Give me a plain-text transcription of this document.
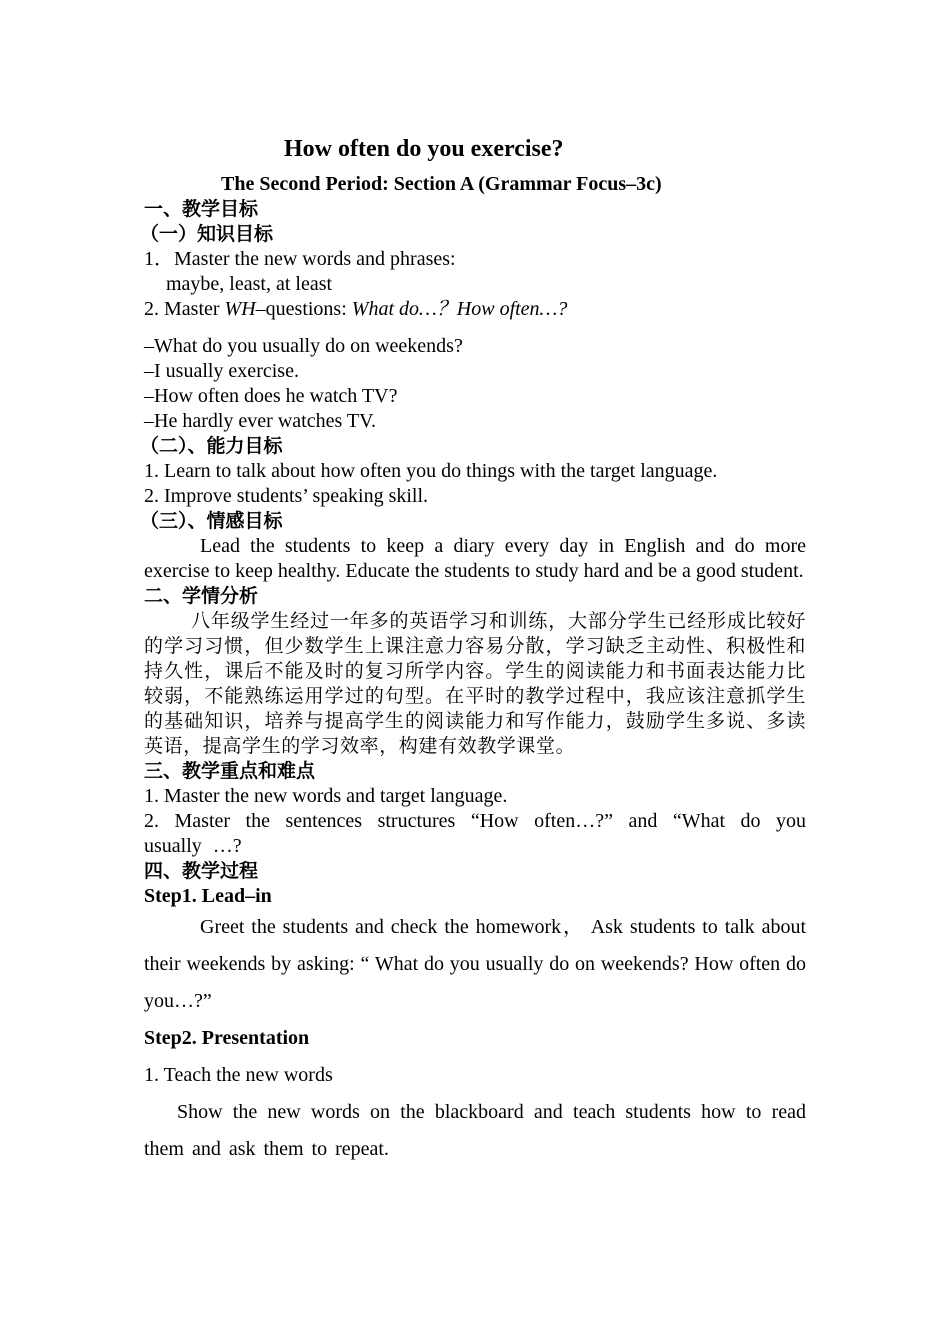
How often do you exercise?

The Second Period: Section A (Grammar Focus–3c)

一、教学目标

（一）知识目标

1．Master the new words and phrases:

maybe, least, at least

2. Master WH–questions: What do…？How often…?

–What do you usually do on weekends?

–I usually exercise.

–How often does he watch TV?

–He hardly ever watches TV.

（二）、能力目标

1. Learn to talk about how often you do things with the target language.

2. Improve students’ speaking skill.

（三）、情感目标

Lead the students to keep a diary every day in English and do more exercise to keep healthy. Educate the students to study hard and be a good student.

二、学情分析

八年级学生经过一年多的英语学习和训练，大部分学生已经形成比较好的学习习惯，但少数学生上课注意力容易分散，学习缺乏主动性、积极性和持久性，课后不能及时的复习所学内容。学生的阅读能力和书面表达能力比较弱，不能熟练运用学过的句型。在平时的教学过程中，我应该注意抓学生的基础知识，培养与提高学生的阅读能力和写作能力，鼓励学生多说、多读英语，提高学生的学习效率，构建有效教学课堂。

三、教学重点和难点

1. Master the new words and target language.

2. Master the sentences structures “How often…?” and “What do you usually …?

四、教学过程

Step1. Lead–in

Greet the students and check the homework， Ask students to talk about their weekends by asking: “ What do you usually do on weekends? How often do you…?”

Step2. Presentation

1. Teach the new words

Show the new words on the blackboard and teach students how to read them and ask them to repeat.
